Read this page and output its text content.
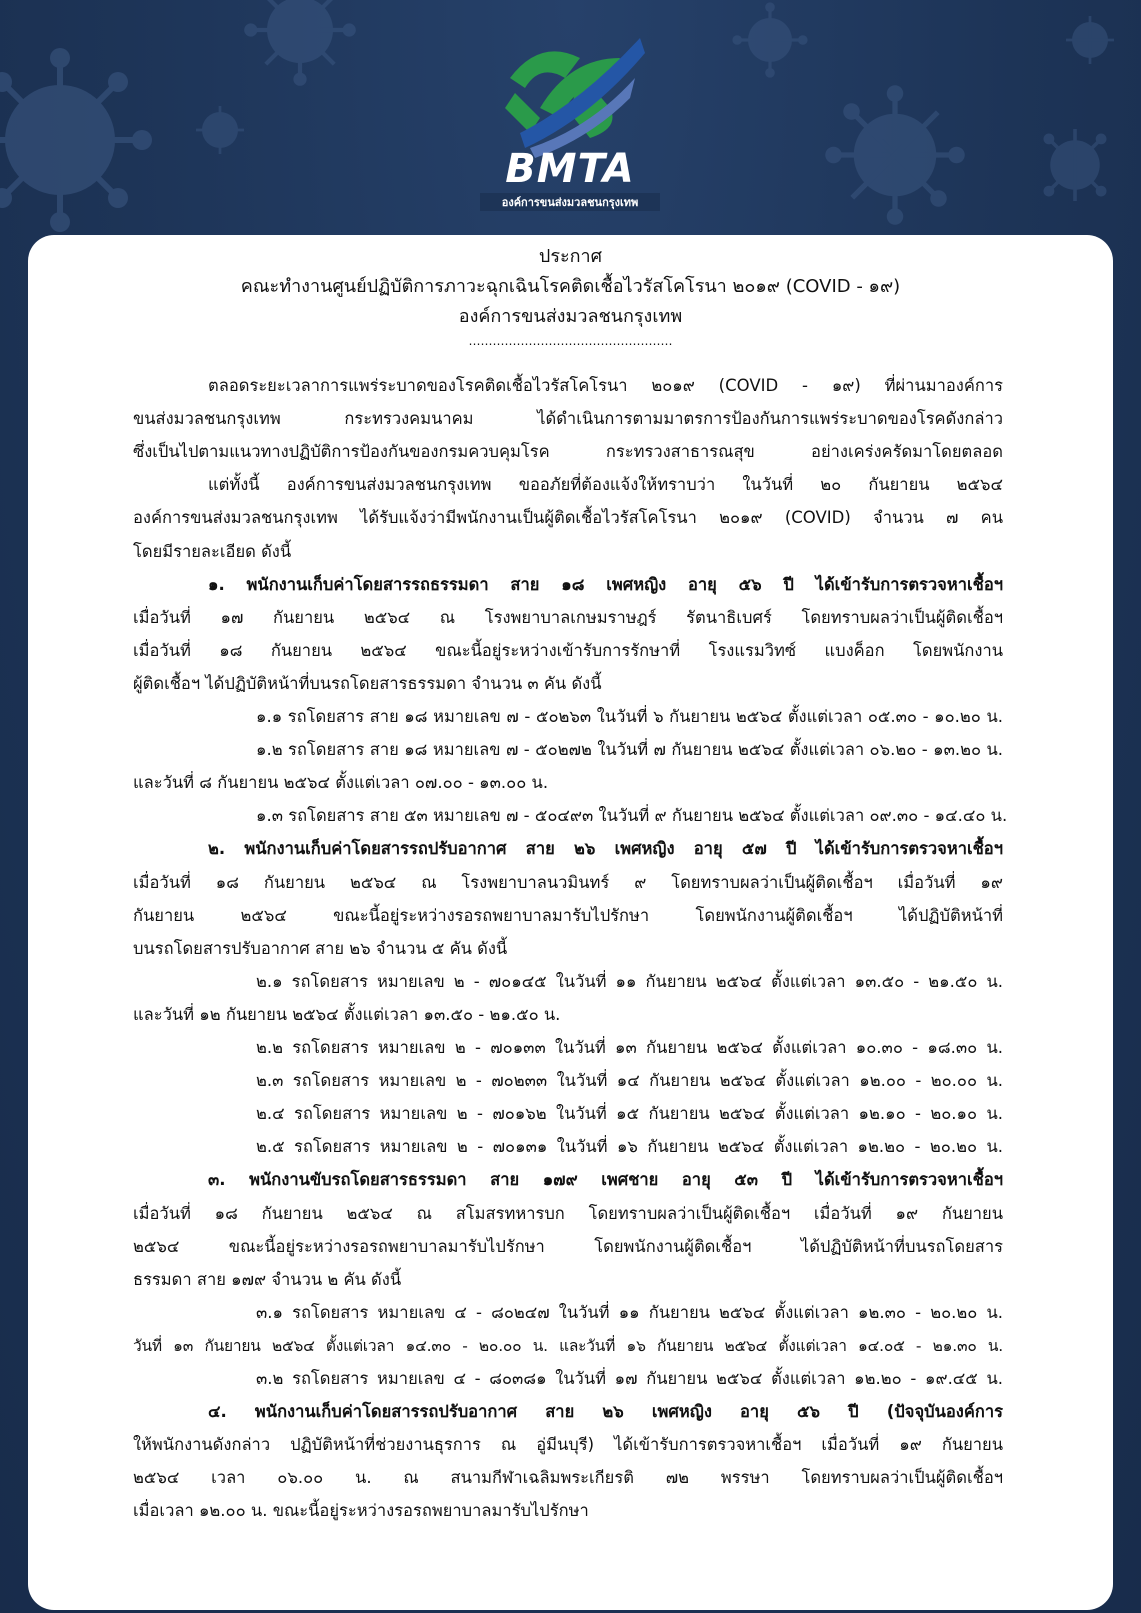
BMTA
องค์การขนส่งมวลชนกรุงเทพ
ประกาศ
คณะทำงานศูนย์ปฏิบัติการภาวะฉุกเฉินโรคติดเชื้อไวรัสโคโรนา ๒๐๑๙ (COVID - ๑๙)
องค์การขนส่งมวลชนกรุงเทพ
……………………………………………
ตลอดระยะเวลาการแพร่ระบาดของโรคติดเชื้อไวรัสโคโรนา ๒๐๑๙ (COVID - ๑๙) ที่ผ่านมาองค์การ
ขนส่งมวลชนกรุงเทพ กระทรวงคมนาคม ได้ดำเนินการตามมาตรการป้องกันการแพร่ระบาดของโรคดังกล่าว
ซึ่งเป็นไปตามแนวทางปฏิบัติการป้องกันของกรมควบคุมโรค กระทรวงสาธารณสุข อย่างเคร่งครัดมาโดยตลอด
แต่ทั้งนี้ องค์การขนส่งมวลชนกรุงเทพ ขออภัยที่ต้องแจ้งให้ทราบว่า ในวันที่ ๒๐ กันยายน ๒๕๖๔
องค์การขนส่งมวลชนกรุงเทพ ได้รับแจ้งว่ามีพนักงานเป็นผู้ติดเชื้อไวรัสโคโรนา ๒๐๑๙ (COVID) จำนวน ๗ คน
โดยมีรายละเอียด ดังนี้
๑. พนักงานเก็บค่าโดยสารรถธรรมดา สาย ๑๘ เพศหญิง อายุ ๕๖ ปี ได้เข้ารับการตรวจหาเชื้อฯ
เมื่อวันที่ ๑๗ กันยายน ๒๕๖๔ ณ โรงพยาบาลเกษมราษฎร์ รัตนาธิเบศร์ โดยทราบผลว่าเป็นผู้ติดเชื้อฯ
เมื่อวันที่ ๑๘ กันยายน ๒๕๖๔ ขณะนี้อยู่ระหว่างเข้ารับการรักษาที่ โรงแรมวิทซ์ แบงค็อก โดยพนักงาน
ผู้ติดเชื้อฯ ได้ปฏิบัติหน้าที่บนรถโดยสารธรรมดา จำนวน ๓ คัน ดังนี้
๑.๑ รถโดยสาร สาย ๑๘ หมายเลข ๗ - ๕๐๒๖๓ ในวันที่ ๖ กันยายน ๒๕๖๔ ตั้งแต่เวลา ๐๕.๓๐ - ๑๐.๒๐ น.
๑.๒ รถโดยสาร สาย ๑๘ หมายเลข ๗ - ๕๐๒๗๒ ในวันที่ ๗ กันยายน ๒๕๖๔ ตั้งแต่เวลา ๐๖.๒๐ - ๑๓.๒๐ น.
และวันที่ ๘ กันยายน ๒๕๖๔ ตั้งแต่เวลา ๐๗.๐๐ - ๑๓.๐๐ น.
๑.๓ รถโดยสาร สาย ๕๓ หมายเลข ๗ - ๕๐๔๙๓ ในวันที่ ๙ กันยายน ๒๕๖๔ ตั้งแต่เวลา ๐๙.๓๐ - ๑๔.๔๐ น.
๒. พนักงานเก็บค่าโดยสารรถปรับอากาศ สาย ๒๖ เพศหญิง อายุ ๕๗ ปี ได้เข้ารับการตรวจหาเชื้อฯ
เมื่อวันที่ ๑๘ กันยายน ๒๕๖๔ ณ โรงพยาบาลนวมินทร์ ๙ โดยทราบผลว่าเป็นผู้ติดเชื้อฯ เมื่อวันที่ ๑๙
กันยายน ๒๕๖๔ ขณะนี้อยู่ระหว่างรอรถพยาบาลมารับไปรักษา โดยพนักงานผู้ติดเชื้อฯ ได้ปฏิบัติหน้าที่
บนรถโดยสารปรับอากาศ สาย ๒๖ จำนวน ๕ คัน ดังนี้
๒.๑ รถโดยสาร หมายเลข ๒ - ๗๐๑๔๕ ในวันที่ ๑๑ กันยายน ๒๕๖๔ ตั้งแต่เวลา ๑๓.๕๐ - ๒๑.๕๐ น.
และวันที่ ๑๒ กันยายน ๒๕๖๔ ตั้งแต่เวลา ๑๓.๕๐ - ๒๑.๕๐ น.
๒.๒ รถโดยสาร หมายเลข ๒ - ๗๐๑๓๓ ในวันที่ ๑๓ กันยายน ๒๕๖๔ ตั้งแต่เวลา ๑๐.๓๐ - ๑๘.๓๐ น.
๒.๓ รถโดยสาร หมายเลข ๒ - ๗๐๒๓๓ ในวันที่ ๑๔ กันยายน ๒๕๖๔ ตั้งแต่เวลา ๑๒.๐๐ - ๒๐.๐๐ น.
๒.๔ รถโดยสาร หมายเลข ๒ - ๗๐๑๖๒ ในวันที่ ๑๕ กันยายน ๒๕๖๔ ตั้งแต่เวลา ๑๒.๑๐ - ๒๐.๑๐ น.
๒.๕ รถโดยสาร หมายเลข ๒ - ๗๐๑๓๑ ในวันที่ ๑๖ กันยายน ๒๕๖๔ ตั้งแต่เวลา ๑๒.๒๐ - ๒๐.๒๐ น.
๓. พนักงานขับรถโดยสารธรรมดา สาย ๑๗๙ เพศชาย อายุ ๕๓ ปี ได้เข้ารับการตรวจหาเชื้อฯ
เมื่อวันที่ ๑๘ กันยายน ๒๕๖๔ ณ สโมสรทหารบก โดยทราบผลว่าเป็นผู้ติดเชื้อฯ เมื่อวันที่ ๑๙ กันยายน
๒๕๖๔ ขณะนี้อยู่ระหว่างรอรถพยาบาลมารับไปรักษา โดยพนักงานผู้ติดเชื้อฯ ได้ปฏิบัติหน้าที่บนรถโดยสาร
ธรรมดา สาย ๑๗๙ จำนวน ๒ คัน ดังนี้
๓.๑ รถโดยสาร หมายเลข ๔ - ๘๐๒๔๗ ในวันที่ ๑๑ กันยายน ๒๕๖๔ ตั้งแต่เวลา ๑๒.๓๐ - ๒๐.๒๐ น.
วันที่ ๑๓ กันยายน ๒๕๖๔ ตั้งแต่เวลา ๑๔.๓๐ - ๒๐.๐๐ น. และวันที่ ๑๖ กันยายน ๒๕๖๔ ตั้งแต่เวลา ๑๔.๐๕ - ๒๑.๓๐ น.
๓.๒ รถโดยสาร หมายเลข ๔ - ๘๐๓๘๑ ในวันที่ ๑๗ กันยายน ๒๕๖๔ ตั้งแต่เวลา ๑๒.๒๐ - ๑๙.๔๕ น.
๔. พนักงานเก็บค่าโดยสารรถปรับอากาศ สาย ๒๖ เพศหญิง อายุ ๕๖ ปี (ปัจจุบันองค์การ
ให้พนักงานดังกล่าว ปฏิบัติหน้าที่ช่วยงานธุรการ ณ อู่มีนบุรี) ได้เข้ารับการตรวจหาเชื้อฯ เมื่อวันที่ ๑๙ กันยายน
๒๕๖๔ เวลา ๐๖.๐๐ น. ณ สนามกีฬาเฉลิมพระเกียรติ ๗๒ พรรษา โดยทราบผลว่าเป็นผู้ติดเชื้อฯ
เมื่อเวลา ๑๒.๐๐ น. ขณะนี้อยู่ระหว่างรอรถพยาบาลมารับไปรักษา
